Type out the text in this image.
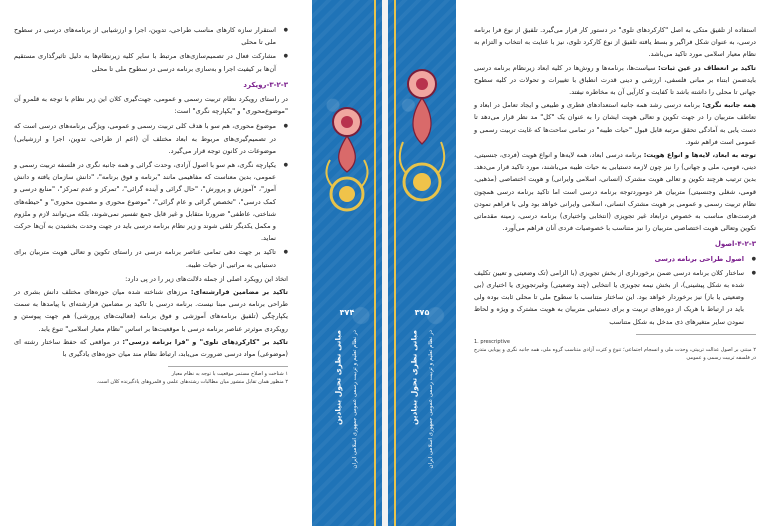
● استقرار سازه کارهای مناسب طراحی، تدوین، اجرا و ارزشیابی از برنامه‌های درسی در سطوح ملی تا محلی
● مشارکت فعال در تصمیم‌سازی‌های مرتبط با سایر کلیه زیرنظام‌ها به دلیل تاثیرگذاری مستقیم آن‌ها بر کیفیت اجرا و به‌سازی برنامه درسی در سطوح ملی تا محلی
۳-۲-۳-رویکرد

در راستای رویکرد نظام تربیت رسمی و عمومی، جهت‌گیری کلان این زیر نظام با توجه به قلمرو آن "موضوع‌محوری" و "یکپارچه نگری" است:

● موضوع محوری، هم سو با هدف کلی تربیت رسمی و عمومی، ویژگی برنامه‌های درسی است که در تصمیم‌گیری‌های مربوط به ابعاد مختلف آن (اعم از طراحی، تدوین، اجرا و ارزشیابی) موضوعات در کانون توجه قرار می‌گیرد.
● یکپارچه نگری، هم سو با اصول آزادی، وحدت گرائی و همه جانبه نگری در فلسفه تربیت رسمی و عمومی، بدین معناست که مفاهیمی مانند "برنامه و فوق برنامه"، "دانش سازمان یافته و دانش آموز"، "آموزش و پرورش"، "حال گرائی و آینده گرائی"، "تمرکز و عدم تمرکز"، "منابع درسی و کمک درسی"، "تخصص گرائی و عام گرائی"، "موضوع محوری و مضمون محوری" و "حیطه‌های شناختی، عاطفی" ضرورتا متقابل و غیر قابل جمع تفسیر نمی‌شوند، بلکه می‌توانند لازم و ملزوم و مکمل یکدیگر تلقی شوند و زیر نظام برنامه درسی باید در جهت وحدت بخشیدن به آن‌ها حرکت نماید.
● تاکید بر جهت دهی تمامی عناصر برنامه درسی در راستای تکوین و تعالی هویت متربیان برای دستیابی به مراتبی از حیات طیبه.

اتخاذ این رویکرد اصلی از جمله دلالت‌های زیر را در پی دارد:

تاکید بر مضامین فرارشته‌ای: مرزهای شناخته شده میان حوزه‌های مختلف دانش بشری در طراحی برنامه درسی مبنا نیست. برنامه درسی با تاکید بر مضامین فرارشته‌ای با پیامدها به سمت یکپارچگی (تلفیق برنامه‌های آموزشی و فوق برنامه (فعالیت‌های پرورشی) هم جهت پیوستن و رویکردی موثرتر عناصر برنامه درسی با موقعیت‌ها بر اساس "نظام معیار اسلامی" تنوع یابد.

تاکید بر "کارکردهای تلوی" و "فرا برنامه درسی": در مواقعی که حفظ ساختار رشته ای (موضوعی) مواد درسی ضرورت می‌یابد، ارتباط نظام مند میان حوزه‌های یادگیری با

۱ شناخت و اصلاح مستمر موقعیت با توجه به نظام معیار
۲ منظور همان تقابل منشور میان مطالبات رشته‌های علمی و قلمروهای یادگیرنده کلان است.
۳۷۴
مبانی نظری تحول بنیادین در نظام تعلیم و تربیت رسمی عمومی جمهوری اسلامی ایران
۳۷۵
مبانی نظری تحول بنیادین در نظام تعلیم و تربیت رسمی عمومی جمهوری اسلامی ایران

استفاده از تلفیق متکی به اصل "کارکردهای تلوی" در دستور کار قرار می‌گیرد. تلفیق از نوع فرا برنامه درسی، به عنوان شکل فراگیر و بسط یافته تلفیق از نوع کارکرد تلوی، نیز با عنایت به انتخاب و التزام به نظام معیار اسلامی مورد تاکید می‌باشد.

تاکید بر انعطاف در عین ثبات: سیاست‌ها، برنامه‌ها و روش‌ها در کلیه ابعاد زیرنظام برنامه درسی بایدضمن ابتناء بر مبانی فلسفی، ارزشی و دینی قدرت انطباق با تغییرات و تحولات در کلیه سطوح جهانی تا محلی را داشته باشد تا کفایت و کارآیی آن به مخاطره نیفتد.

همه جانبه نگری: برنامه درسی رشد همه جانبه استعدادهای فطری و طبیعی و ایجاد تعامل در ابعاد و تعاطف متربیان را در جهت تکوین و تعالی هویت ایشان را به عنوان یک "کل" مد نظر قرار می‌دهد تا دست یابی به آمادگی تحقق مرتبه قابل قبول "حیات طیبه" در تمامی ساحت‌ها که غایت تربیت رسمی و عمومی است فراهم شود.

توجه به ابعاد، لایه‌ها و انواع هویت: برنامه درسی ابعاد، همه لایه‌ها و انواع هویت (فردی، جنسیتی، دینی، قومی، ملی و جهانی) را نیز چون لازمه دستیابی به حیات طیبه می‌باشند، مورد تاکید قرار می‌دهد. بدین ترتیب هرچند تکوین و تعالی هویت مشترک (انسانی، اسلامی وایرانی) و هویت اختصاصی (مذهبی، قومی، شغلی وجنسیتی) متربیان هر دوموردتوجه برنامه درسی است اما تاکید برنامه درسی همچون نظام تربیت رسمی و عمومی بر هویت مشترک انسانی، اسلامی وایرانی خواهد بود ولی با فراهم نمودن فرصت‌های مناسب به خصوص درابعاد غیر تجویزی (انتخابی واختیاری) برنامه درسی، زمینه مقدماتی تکوین وتعالی هویت اختصاصی متربیان را نیز متناسب با خصوصیات فردی آنان فراهم می‌آورد.

۴-۲-۳-اصول
● اصول طراحی برنامه درسی
● ساختار کلان برنامه درسی ضمن برخورداری از بخش تجویزی (با الزامی (تک وضعیتی و تعیین تکلیف شده به شکل پیشینی)، از بخش نیمه تجویزی یا انتخابی (چند وضعیتی) وغیرتجویزی یا اختیاری (بی وضعیتی یا باز) نیز برخوردار خواهد بود. این ساختار متناسب با سطوح ملی تا محلی ثابت بوده ولی باید در ارتباط با هریک از دوره‌های تربیت و برای دستیابی متربیان به هویت مشترک و ویژه و لحاظ نمودن سایر متغیرهای ذی مدخل به شکل متناسب
1. prescriptive
۲ مبتنی بر اصول عدالت تربیتی، وحدت ملی و انسجام اجتماعی؛ تنوع و کثرت آزادی متناسب گروه ملی، همه جانبه نگری و پویایی متدرج در فلسفه تربیت رسمی و عمومی
